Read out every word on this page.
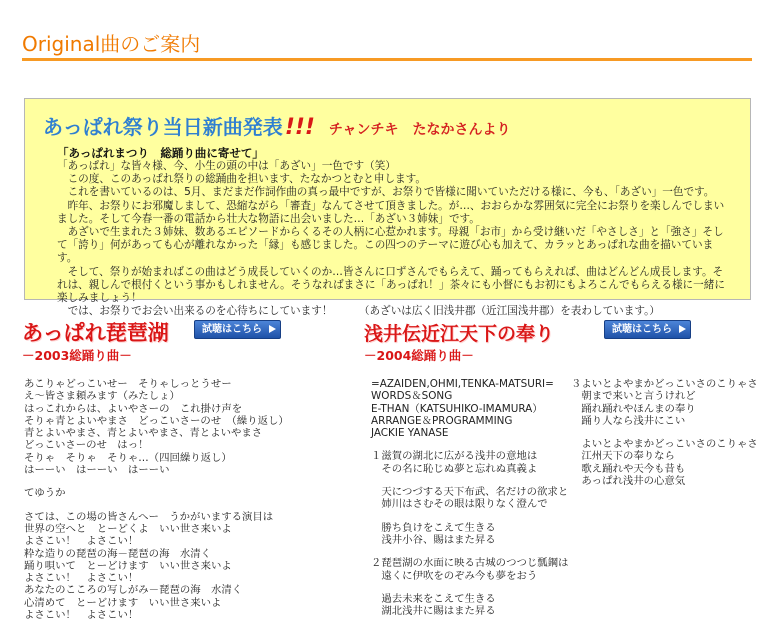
Original曲のご案内
あっぱれ祭り当日新曲発表!!! チャンチキ　たなかさんより
「あっぱれまつり　総踊り曲に寄せて」

「あっぱれ」な皆々様、今、小生の頭の中は「あざい」一色です（笑）

この度、このあっぱれ祭りの総踊曲を担います、たなかつとむと申します。

これを書いているのは、5月、まだまだ作詞作曲の真っ最中ですが、お祭りで皆様に聞いていただける様に、今も、「あざい」一色です。

昨年、お祭りにお邪魔しまして、恐縮ながら「審査」なんてさせて頂きました。が…、おおらかな雰囲気に完全にお祭りを楽しんでしまいました。そして今春一番の電話から壮大な物語に出会いました…「あざい３姉妹」です。

あざいで生まれた３姉妹、数あるエピソードからくるその人柄に心惹かれます。母親「お市」から受け継いだ「やさしさ」と「強さ」そして「誇り」何があっても心が離れなかった「縁」も感じました。この四つのテーマに遊び心も加えて、カラッとあっぱれな曲を描いています。

そして、祭りが始まればこの曲はどう成長していくのか…皆さんに口ずさんでもらえて、踊ってもらえれば、曲はどんどん成長します。それは、親しんで根付くという事かもしれません。そうなればまさに「あっぱれ！」茶々にも小督にもお初にもよろこんでもらえる様に一緒に楽しみましょう！

では、お祭りでお会い出来るのを心待ちにしています！　　　（あざいは広く旧浅井郡（近江国浅井郡）を表わしています。）

あっぱれ琵琶湖	試聴はこちら
－2003総踊り曲－
あこりゃどっこいせー　そりゃしっとうせー
え～皆さま頼みます（みたしょ）
はっこれからは、よいやさーの　これ掛け声を
そりゃ青とよいやまさ　どっこいさーのせ　（繰り返し）
青とよいやまさ、青とよいやまさ、青とよいやまさ
どっこいさーのせ　はっ！
そりゃ　そりゃ　そりゃ…（四回繰り返し）
はーーい　はーーい　はーーい
てゆうか
さては、この場の皆さんへー　うかがいまする演目は
世界の空へと　とーどくよ　いい世さ来いよ
よさこい！　よさこい！
粋な造りの琵琶の海－琵琶の海　水清く
踊り唄いて　とーどけます　いい世さ来いよ
よさこい！　よさこい！
あなたのこころの写しがみ－琵琶の海　水清く
心清めて　とーどけます　いい世さ来いよ
よさこい！　よさこい！
浅井伝近江天下の奉り	試聴はこちら
－2004総踊り曲－
=AZAIDEN,OHMI,TENKA-MATSURI=
WORDS＆SONG
E-THAN（KATSUHIKO-IMAMURA）
ARRANGE＆PROGRAMMING
JACKIE YANASE
１滋賀の湖北に広がる浅井の意地は
　その名に恥じぬ夢と忘れぬ真義よ
　天につづする天下布武、名だけの欲求と
　姉川はさむその眼は限りなく澄んで
　勝ち負けをこえて生きる
　浅井小谷、賜はまた昇る
２琵琶湖の水面に映る古城のつつじ瓢鋼は
　遠くに伊吹をのぞみ今も夢をおう
　過去未来をこえて生きる
　湖北浅井に賜はまた昇る
３よいとよやまかどっこいさのこりゃさ
　朝まで来いと言うけれど
　踊れ踊れやほんまの奉り
　踊り人なら浅井にこい
　よいとよやまかどっこいさのこりゃさ
　江州天下の奉りなら
　歌え踊れや天今も昔も
　あっぱれ浅井の心意気
